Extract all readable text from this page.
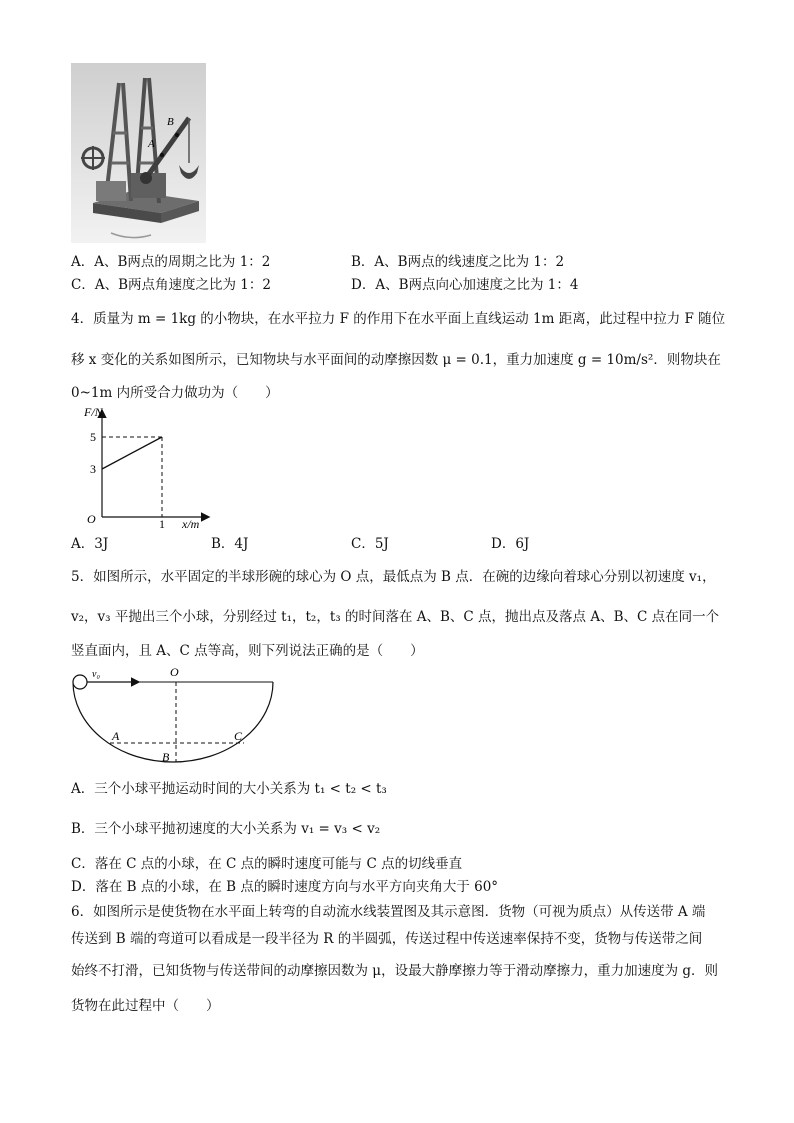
A
B
A．A、B两点的周期之比为 1：2	B．A、B两点的线速度之比为 1：2
C．A、B两点角速度之比为 1：2	D．A、B两点向心加速度之比为 1：4
4．质量为 m = 1kg 的小物块，在水平拉力 F 的作用下在水平面上直线运动 1m 距离，此过程中拉力 F 随位
移 x 变化的关系如图所示，已知物块与水平面间的动摩擦因数 μ = 0.1，重力加速度 g = 10m/s²．则物块在
0~1m 内所受合力做功为（　　）
F/N
x/m
O
3
5
1
A．3J	B．4J	C．5J	D．6J
5．如图所示，水平固定的半球形碗的球心为 O 点，最低点为 B 点．在碗的边缘向着球心分别以初速度 v₁，
v₂，v₃ 平抛出三个小球，分别经过 t₁，t₂，t₃ 的时间落在 A、B、C 点，抛出点及落点 A、B、C 点在同一个
竖直面内，且 A、C 点等高，则下列说法正确的是（　　）
v₀	O
A	C
B
A．三个小球平抛运动时间的大小关系为 t₁ < t₂ < t₃
B．三个小球平抛初速度的大小关系为 v₁ = v₃ < v₂
C．落在 C 点的小球，在 C 点的瞬时速度可能与 C 点的切线垂直
D．落在 B 点的小球，在 B 点的瞬时速度方向与水平方向夹角大于 60°
6．如图所示是使货物在水平面上转弯的自动流水线装置图及其示意图．货物（可视为质点）从传送带 A 端
传送到 B 端的弯道可以看成是一段半径为 R 的半圆弧，传送过程中传送速率保持不变，货物与传送带之间
始终不打滑，已知货物与传送带间的动摩擦因数为 μ，设最大静摩擦力等于滑动摩擦力，重力加速度为 g．则
货物在此过程中（　　）
